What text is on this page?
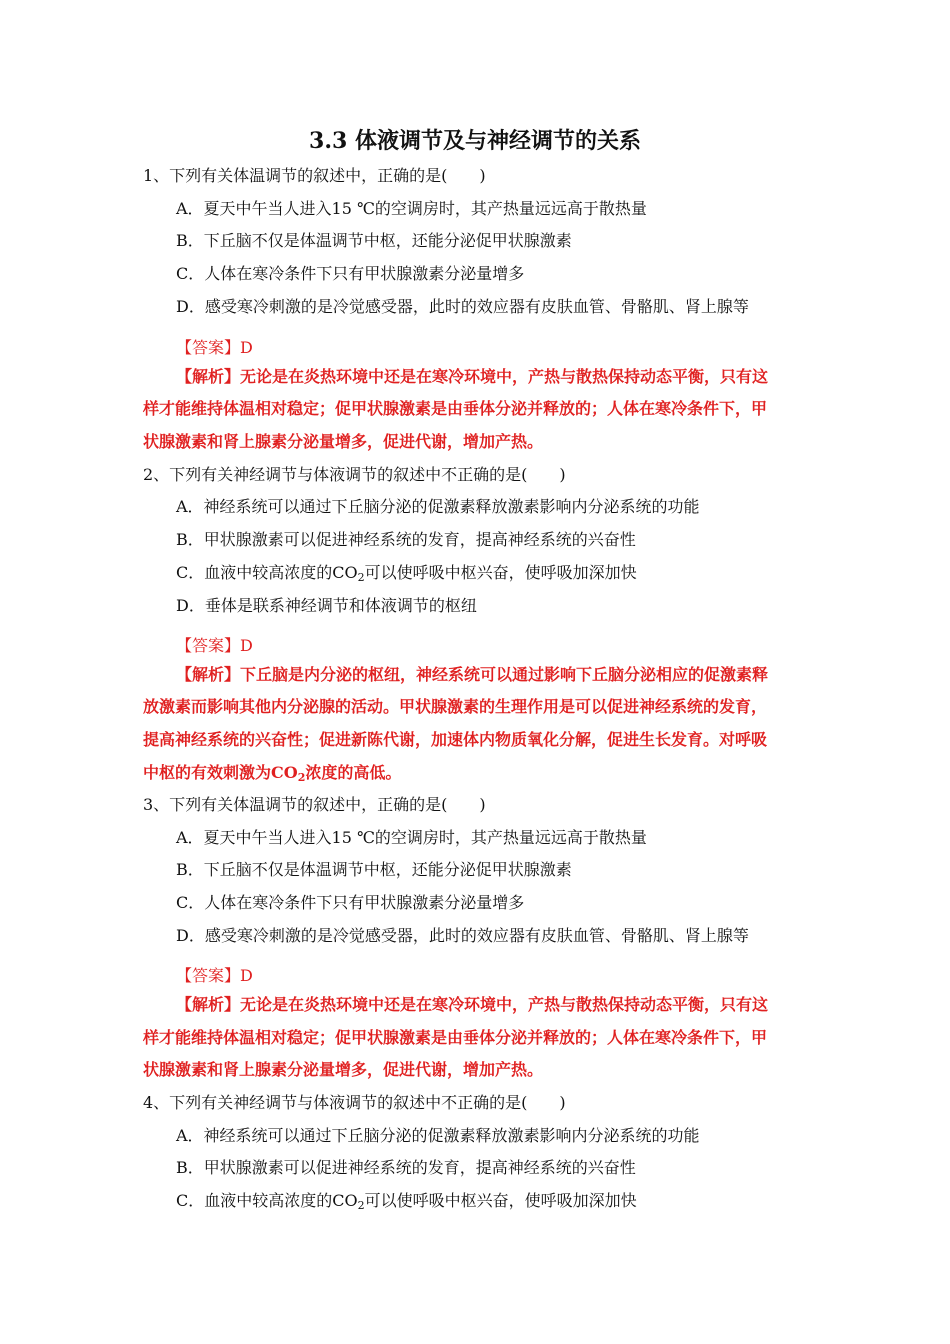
3.3 体液调节及与神经调节的关系
1、下列有关体温调节的叙述中，正确的是(　　)
A．夏天中午当人进入15 ℃的空调房时，其产热量远远高于散热量
B．下丘脑不仅是体温调节中枢，还能分泌促甲状腺激素
C．人体在寒冷条件下只有甲状腺激素分泌量增多
D．感受寒冷刺激的是冷觉感受器，此时的效应器有皮肤血管、骨骼肌、肾上腺等
【答案】D
【解析】无论是在炎热环境中还是在寒冷环境中，产热与散热保持动态平衡，只有这
样才能维持体温相对稳定；促甲状腺激素是由垂体分泌并释放的；人体在寒冷条件下，甲
状腺激素和肾上腺素分泌量增多，促进代谢，增加产热。
2、下列有关神经调节与体液调节的叙述中不正确的是(　　)
A．神经系统可以通过下丘脑分泌的促激素释放激素影响内分泌系统的功能
B．甲状腺激素可以促进神经系统的发育，提高神经系统的兴奋性
C．血液中较高浓度的$CO_2$可以使呼吸中枢兴奋，使呼吸加深加快
D．垂体是联系神经调节和体液调节的枢纽
【答案】D
【解析】下丘脑是内分泌的枢纽，神经系统可以通过影响下丘脑分泌相应的促激素释
放激素而影响其他内分泌腺的活动。甲状腺激素的生理作用是可以促进神经系统的发育，
提高神经系统的兴奋性；促进新陈代谢，加速体内物质氧化分解，促进生长发育。对呼吸
中枢的有效刺激为$CO_2$浓度的高低。
3、下列有关体温调节的叙述中，正确的是(　　)
A．夏天中午当人进入15 ℃的空调房时，其产热量远远高于散热量
B．下丘脑不仅是体温调节中枢，还能分泌促甲状腺激素
C．人体在寒冷条件下只有甲状腺激素分泌量增多
D．感受寒冷刺激的是冷觉感受器，此时的效应器有皮肤血管、骨骼肌、肾上腺等
【答案】D
【解析】无论是在炎热环境中还是在寒冷环境中，产热与散热保持动态平衡，只有这
样才能维持体温相对稳定；促甲状腺激素是由垂体分泌并释放的；人体在寒冷条件下，甲
状腺激素和肾上腺素分泌量增多，促进代谢，增加产热。
4、下列有关神经调节与体液调节的叙述中不正确的是(　　)
A．神经系统可以通过下丘脑分泌的促激素释放激素影响内分泌系统的功能
B．甲状腺激素可以促进神经系统的发育，提高神经系统的兴奋性
C．血液中较高浓度的$CO_2$可以使呼吸中枢兴奋，使呼吸加深加快
